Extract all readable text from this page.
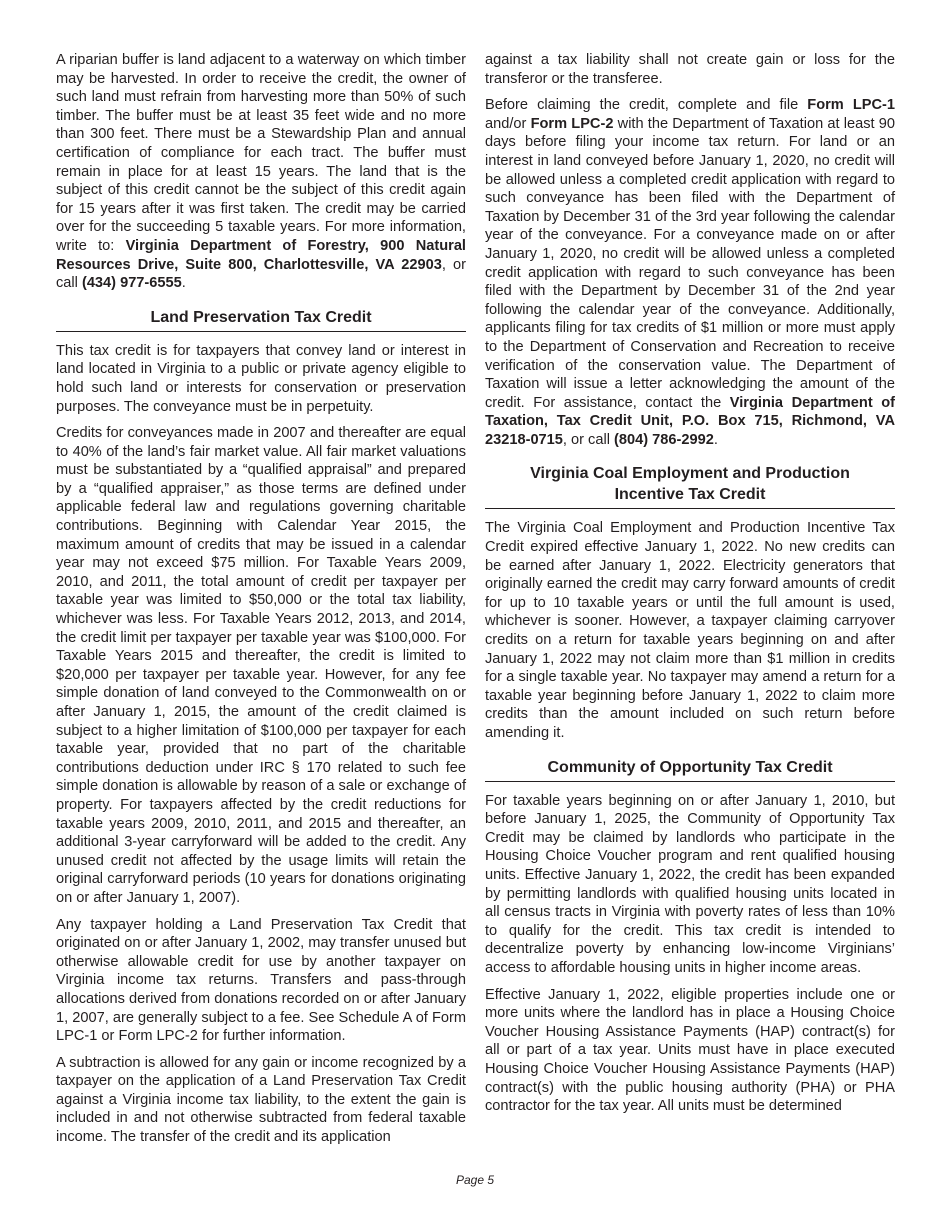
A riparian buffer is land adjacent to a waterway on which timber may be harvested. In order to receive the credit, the owner of such land must refrain from harvesting more than 50% of such timber. The buffer must be at least 35 feet wide and no more than 300 feet. There must be a Stewardship Plan and annual certification of compliance for each tract. The buffer must remain in place for at least 15 years. The land that is the subject of this credit cannot be the subject of this credit again for 15 years after it was first taken. The credit may be carried over for the succeeding 5 taxable years. For more information, write to: Virginia Department of Forestry, 900 Natural Resources Drive, Suite 800, Charlottesville, VA 22903, or call (434) 977-6555.

Land Preservation Tax Credit

This tax credit is for taxpayers that convey land or interest in land located in Virginia to a public or private agency eligible to hold such land or interests for conservation or preservation purposes. The conveyance must be in perpetuity.

Credits for conveyances made in 2007 and thereafter are equal to 40% of the land’s fair market value. All fair market valuations must be substantiated by a “qualified appraisal” and prepared by a “qualified appraiser,” as those terms are defined under applicable federal law and regulations governing charitable contributions. Beginning with Calendar Year 2015, the maximum amount of credits that may be issued in a calendar year may not exceed $75 million. For Taxable Years 2009, 2010, and 2011, the total amount of credit per taxpayer per taxable year was limited to $50,000 or the total tax liability, whichever was less. For Taxable Years 2012, 2013, and 2014, the credit limit per taxpayer per taxable year was $100,000. For Taxable Years 2015 and thereafter, the credit is limited to $20,000 per taxpayer per taxable year. However, for any fee simple donation of land conveyed to the Commonwealth on or after January 1, 2015, the amount of the credit claimed is subject to a higher limitation of $100,000 per taxpayer for each taxable year, provided that no part of the charitable contributions deduction under IRC § 170 related to such fee simple donation is allowable by reason of a sale or exchange of property. For taxpayers affected by the credit reductions for taxable years 2009, 2010, 2011, and 2015 and thereafter, an additional 3-year carryforward will be added to the credit. Any unused credit not affected by the usage limits will retain the original carryforward periods (10 years for donations originating on or after January 1, 2007).

Any taxpayer holding a Land Preservation Tax Credit that originated on or after January 1, 2002, may transfer unused but otherwise allowable credit for use by another taxpayer on Virginia income tax returns. Transfers and pass-through allocations derived from donations recorded on or after January 1, 2007, are generally subject to a fee. See Schedule A of Form LPC-1 or Form LPC-2 for further information.

A subtraction is allowed for any gain or income recognized by a taxpayer on the application of a Land Preservation Tax Credit against a Virginia income tax liability, to the extent the gain is included in and not otherwise subtracted from federal taxable income. The transfer of the credit and its application

against a tax liability shall not create gain or loss for the transferor or the transferee.

Before claiming the credit, complete and file Form LPC-1 and/or Form LPC-2 with the Department of Taxation at least 90 days before filing your income tax return. For land or an interest in land conveyed before January 1, 2020, no credit will be allowed unless a completed credit application with regard to such conveyance has been filed with the Department of Taxation by December 31 of the 3rd year following the calendar year of the conveyance. For a conveyance made on or after January 1, 2020, no credit will be allowed unless a completed credit application with regard to such conveyance has been filed with the Department by December 31 of the 2nd year following the calendar year of the conveyance. Additionally, applicants filing for tax credits of $1 million or more must apply to the Department of Conservation and Recreation to receive verification of the conservation value. The Department of Taxation will issue a letter acknowledging the amount of the credit. For assistance, contact the Virginia Department of Taxation, Tax Credit Unit, P.O. Box 715, Richmond, VA 23218-0715, or call (804) 786-2992.

Virginia Coal Employment and Production
Incentive Tax Credit

The Virginia Coal Employment and Production Incentive Tax Credit expired effective January 1, 2022. No new credits can be earned after January 1, 2022. Electricity generators that originally earned the credit may carry forward amounts of credit for up to 10 taxable years or until the full amount is used, whichever is sooner. However, a taxpayer claiming carryover credits on a return for taxable years beginning on and after January 1, 2022 may not claim more than $1 million in credits for a single taxable year. No taxpayer may amend a return for a taxable year beginning before January 1, 2022 to claim more credits than the amount included on such return before amending it.

Community of Opportunity Tax Credit

For taxable years beginning on or after January 1, 2010, but before January 1, 2025, the Community of Opportunity Tax Credit may be claimed by landlords who participate in the Housing Choice Voucher program and rent qualified housing units. Effective January 1, 2022, the credit has been expanded by permitting landlords with qualified housing units located in all census tracts in Virginia with poverty rates of less than 10% to qualify for the credit. This tax credit is intended to decentralize poverty by enhancing low-income Virginians’ access to affordable housing units in higher income areas.

Effective January 1, 2022, eligible properties include one or more units where the landlord has in place a Housing Choice Voucher Housing Assistance Payments (HAP) contract(s) for all or part of a tax year. Units must have in place executed Housing Choice Voucher Housing Assistance Payments (HAP) contract(s) with the public housing authority (PHA) or PHA contractor for the tax year. All units must be determined

Page 5
